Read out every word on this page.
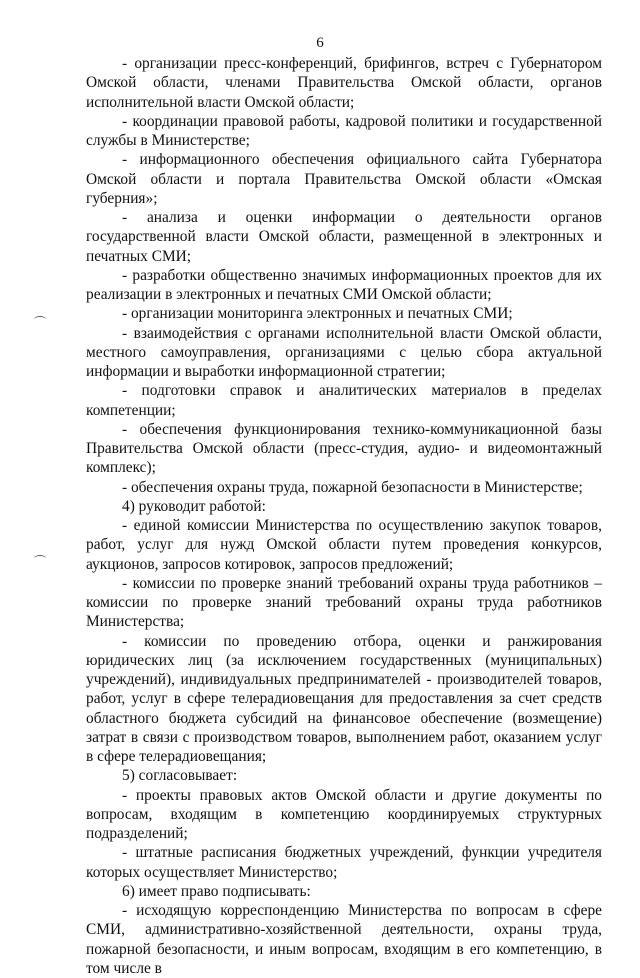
6

- организации пресс-конференций, брифингов, встреч с Губернатором Омской области, членами Правительства Омской области, органов исполнительной власти Омской области;

- координации правовой работы, кадровой политики и государственной службы в Министерстве;

- информационного обеспечения официального сайта Губернатора Омской области и портала Правительства Омской области «Омская губерния»;

- анализа и оценки информации о деятельности органов государственной власти Омской области, размещенной в электронных и печатных СМИ;

- разработки общественно значимых информационных проектов для их реализации в электронных и печатных СМИ Омской области;

- организации мониторинга электронных и печатных СМИ;

- взаимодействия с органами исполнительной власти Омской области, местного самоуправления, организациями с целью сбора актуальной информации и выработки информационной стратегии;

- подготовки справок и аналитических материалов в пределах компетенции;

- обеспечения функционирования технико-коммуникационной базы Правительства Омской области (пресс-студия, аудио- и видеомонтажный комплекс);

- обеспечения охраны труда, пожарной безопасности в Министерстве;

4) руководит работой:

- единой комиссии Министерства по осуществлению закупок товаров, работ, услуг для нужд Омской области путем проведения конкурсов, аукционов, запросов котировок, запросов предложений;

- комиссии по проверке знаний требований охраны труда работников – комиссии по проверке знаний требований охраны труда работников Министерства;

- комиссии по проведению отбора, оценки и ранжирования юридических лиц (за исключением государственных (муниципальных) учреждений), индивидуальных предпринимателей - производителей товаров, работ, услуг в сфере телерадиовещания для предоставления за счет средств областного бюджета субсидий на финансовое обеспечение (возмещение) затрат в связи с производством товаров, выполнением работ, оказанием услуг в сфере телерадиовещания;

5) согласовывает:

- проекты правовых актов Омской области и другие документы по вопросам, входящим в компетенцию координируемых структурных подразделений;

- штатные расписания бюджетных учреждений, функции учредителя которых осуществляет Министерство;

6) имеет право подписывать:

- исходящую корреспонденцию Министерства по вопросам в сфере СМИ, административно-хозяйственной деятельности, охраны труда, пожарной безопасности, и иным вопросам, входящим в его компетенцию, в том числе в
